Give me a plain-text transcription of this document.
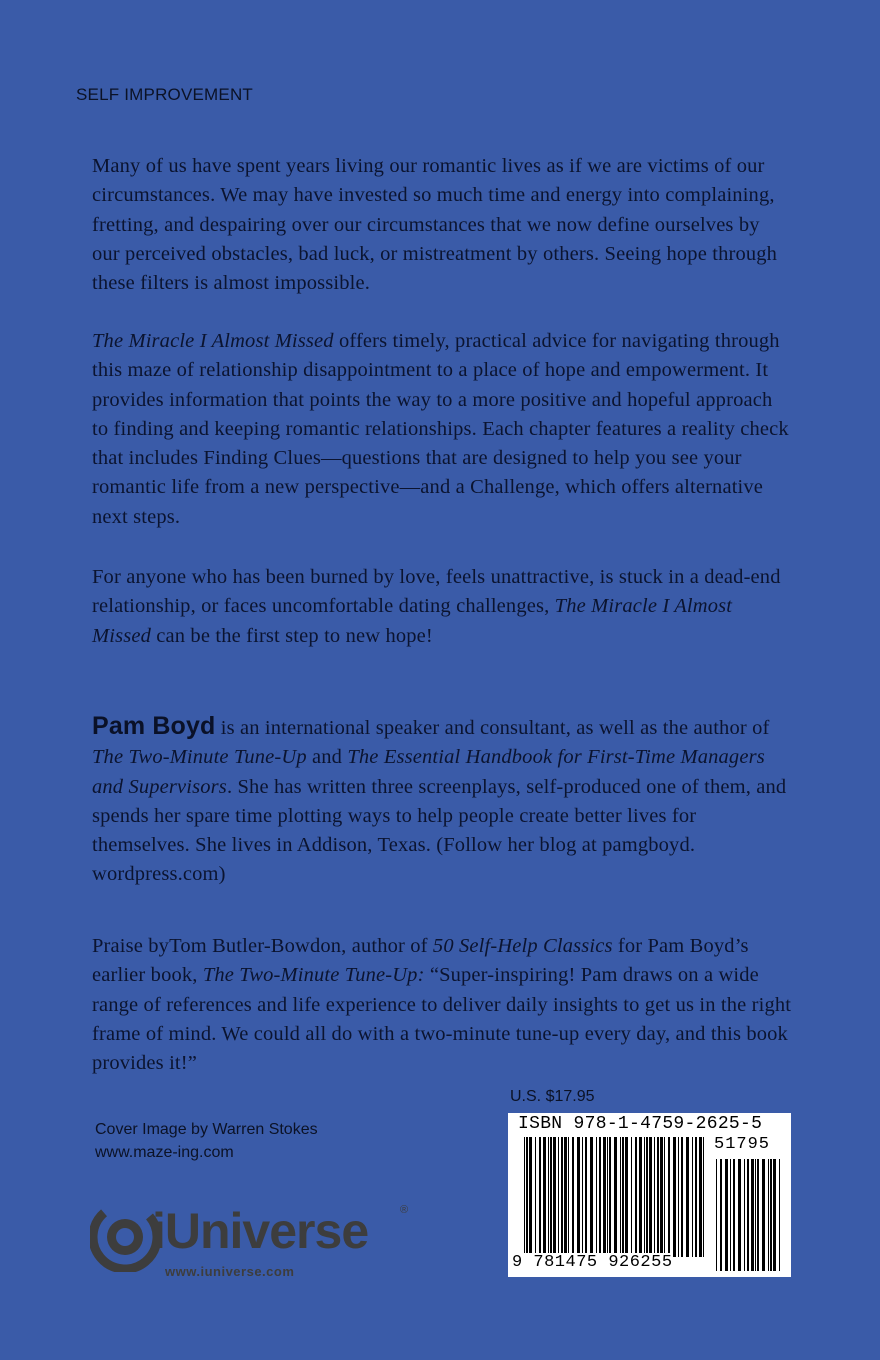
SELF IMPROVEMENT

Many of us have spent years living our romantic lives as if we are victims of our circumstances. We may have invested so much time and energy into complaining, fretting, and despairing over our circumstances that we now define ourselves by our perceived obstacles, bad luck, or mistreatment by others. Seeing hope through these filters is almost impossible.

The Miracle I Almost Missed offers timely, practical advice for navigating through this maze of relationship disappointment to a place of hope and empowerment. It provides information that points the way to a more positive and hopeful approach to finding and keeping romantic relationships. Each chapter features a reality check that includes Finding Clues—questions that are designed to help you see your romantic life from a new perspective—and a Challenge, which offers alternative next steps.

For anyone who has been burned by love, feels unattractive, is stuck in a dead-end relationship, or faces uncomfortable dating challenges, The Miracle I Almost Missed can be the first step to new hope!

Pam Boyd is an international speaker and consultant, as well as the author of The Two-Minute Tune-Up and The Essential Handbook for First-Time Managers and Supervisors. She has written three screenplays, self-produced one of them, and spends her spare time plotting ways to help people create better lives for themselves. She lives in Addison, Texas. (Follow her blog at pamgboyd. wordpress.com)

Praise byTom Butler-Bowdon, author of 50 Self-Help Classics for Pam Boyd’s earlier book, The Two-Minute Tune-Up: “Super-inspiring! Pam draws on a wide range of references and life experience to deliver daily insights to get us in the right frame of mind. We could all do with a two-minute tune-up every day, and this book provides it!”

U.S. $17.95
Cover Image by Warren Stokes
www.maze-ing.com
iUniverse	®
www.iuniverse.com
ISBN 978-1-4759-2625-5
51795
9 781475 926255
